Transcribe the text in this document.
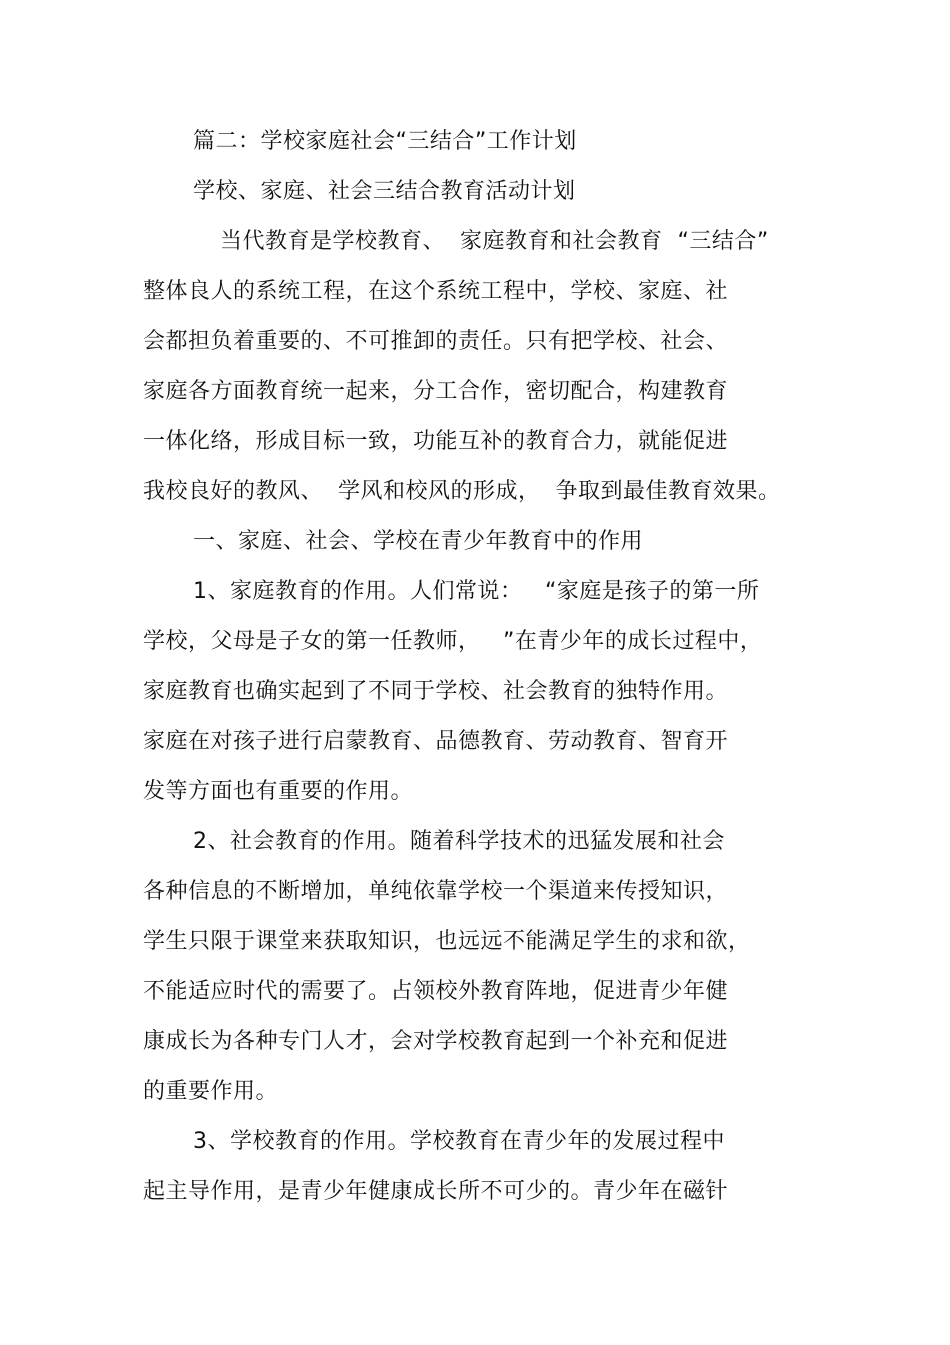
篇二：学校家庭社会“三结合”工作计划
学校、家庭、社会三结合教育活动计划
当代教育是学校教育、  家庭教育和社会教育  “三结合”
整体良人的系统工程，在这个系统工程中，学校、家庭、社
会都担负着重要的、不可推卸的责任。只有把学校、社会、
家庭各方面教育统一起来，分工合作，密切配合，构建教育
一体化络，形成目标一致，功能互补的教育合力，就能促进
我校良好的教风、  学风和校风的形成，  争取到最佳教育效果。
一、家庭、社会、学校在青少年教育中的作用
1、家庭教育的作用。人们常说：   “家庭是孩子的第一所
学校，父母是子女的第一任教师，   ”在青少年的成长过程中，
家庭教育也确实起到了不同于学校、社会教育的独特作用。
家庭在对孩子进行启蒙教育、品德教育、劳动教育、智育开
发等方面也有重要的作用。
2、社会教育的作用。随着科学技术的迅猛发展和社会
各种信息的不断增加，单纯依靠学校一个渠道来传授知识，
学生只限于课堂来获取知识，也远远不能满足学生的求和欲，
不能适应时代的需要了。占领校外教育阵地，促进青少年健
康成长为各种专门人才，会对学校教育起到一个补充和促进
的重要作用。
3、学校教育的作用。学校教育在青少年的发展过程中
起主导作用，是青少年健康成长所不可少的。青少年在磁针
